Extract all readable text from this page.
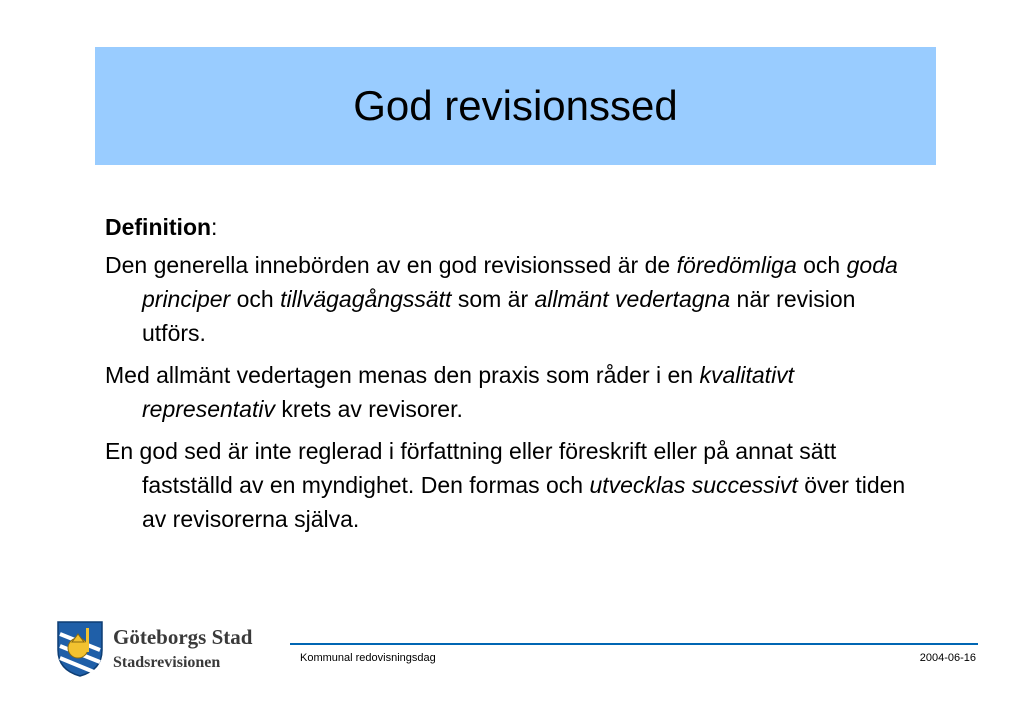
God revisionssed

Definition:

Den generella innebörden av en god revisionssed är de föredömliga och goda principer och tillvägagångssätt som är allmänt vedertagna när revision utförs.

Med allmänt vedertagen menas den praxis som råder i en kvalitativt representativ krets av revisorer.

En god sed är inte reglerad i författning eller föreskrift eller på annat sätt fastställd av en myndighet. Den formas och utvecklas successivt över tiden av revisorerna själva.

Göteborgs Stad
Stadsrevisionen	Kommunal redovisningsdag	2004-06-16
